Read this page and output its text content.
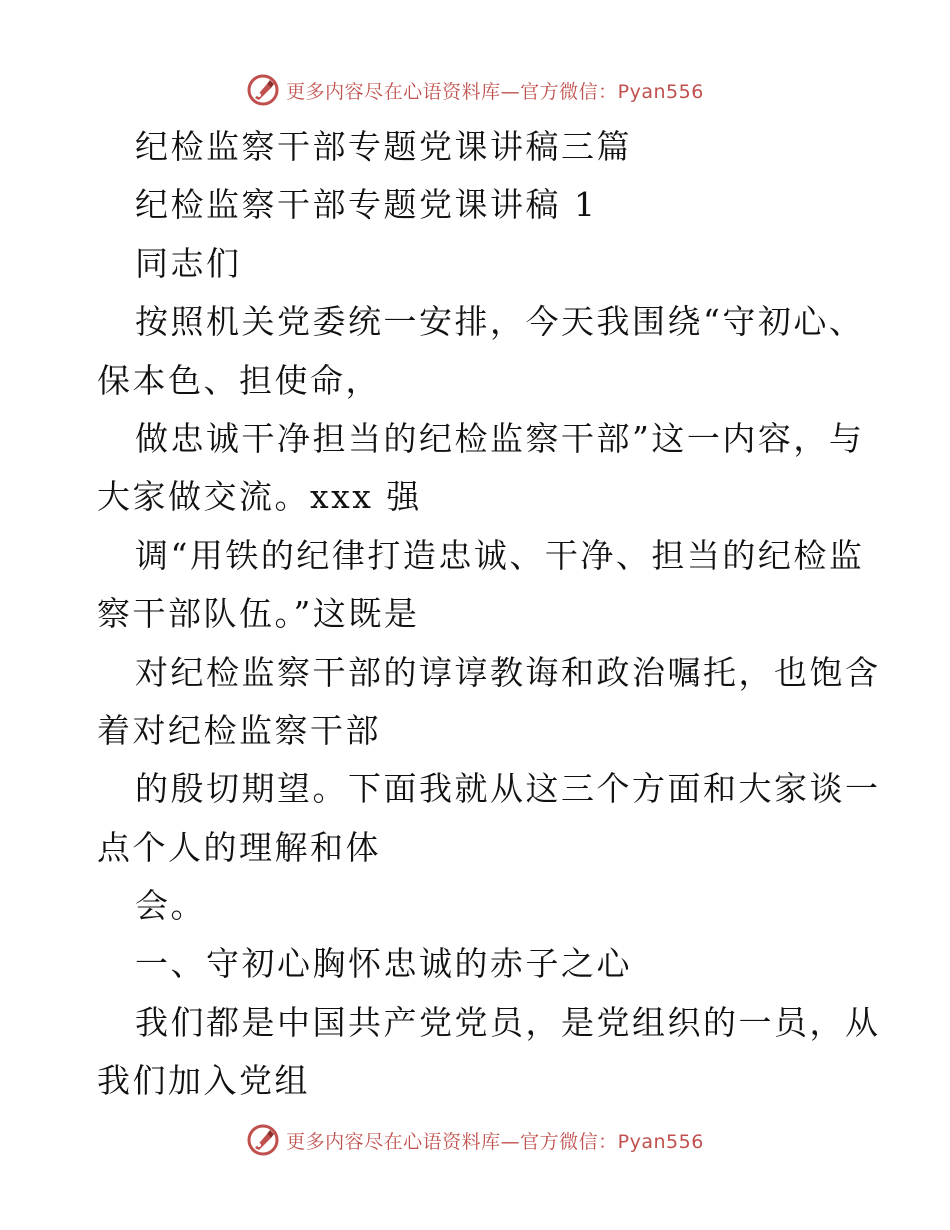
更多内容尽在心语资料库—官方微信：Pyan556
纪检监察干部专题党课讲稿三篇
纪检监察干部专题党课讲稿 1
同志们
按照机关党委统一安排，今天我围绕“守初心、
保本色、担使命，
做忠诚干净担当的纪检监察干部”这一内容，与
大家做交流。xxx 强
调“用铁的纪律打造忠诚、干净、担当的纪检监
察干部队伍。”这既是
对纪检监察干部的谆谆教诲和政治嘱托，也饱含
着对纪检监察干部
的殷切期望。下面我就从这三个方面和大家谈一
点个人的理解和体
会。
一、守初心胸怀忠诚的赤子之心
我们都是中国共产党党员，是党组织的一员，从
我们加入党组
更多内容尽在心语资料库—官方微信：Pyan556
